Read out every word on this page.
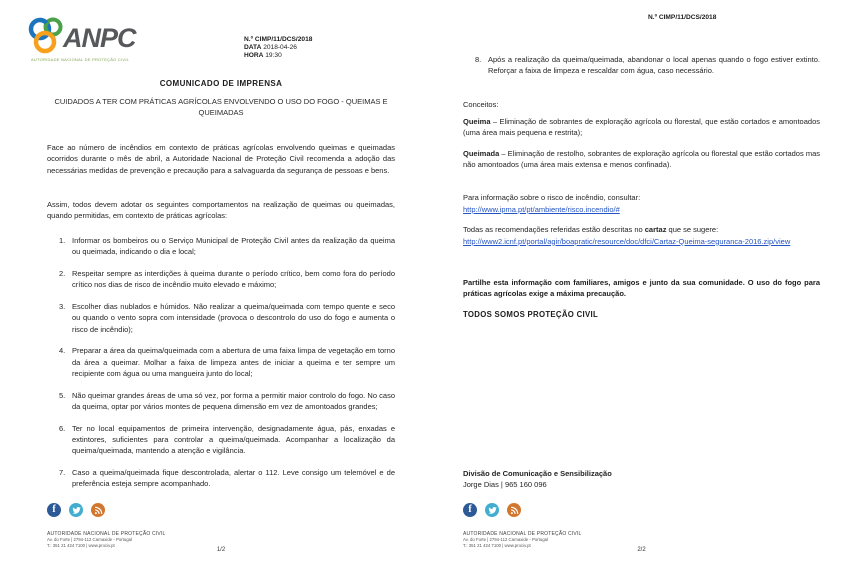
ANPC
AUTORIDADE NACIONAL DE PROTEÇÃO CIVIL
N.º CIMP/11/DCS/2018
DATA 2018-04-26
HORA 19:30
COMUNICADO DE IMPRENSA
CUIDADOS A TER COM PRÁTICAS AGRÍCOLAS ENVOLVENDO O USO DO FOGO - QUEIMAS E QUEIMADAS

Face ao número de incêndios em contexto de práticas agrícolas envolvendo queimas e queimadas ocorridos durante o mês de abril, a Autoridade Nacional de Proteção Civil recomenda a adoção das necessárias medidas de prevenção e precaução para a salvaguarda da segurança de pessoas e bens.

Assim, todos devem adotar os seguintes comportamentos na realização de queimas ou queimadas, quando permitidas, em contexto de práticas agrícolas:

1. Informar os bombeiros ou o Serviço Municipal de Proteção Civil antes da realização da queima ou queimada, indicando o dia e local;
2. Respeitar sempre as interdições à queima durante o período crítico, bem como fora do período crítico nos dias de risco de incêndio muito elevado e máximo;
3. Escolher dias nublados e húmidos. Não realizar a queima/queimada com tempo quente e seco ou quando o vento sopra com intensidade (provoca o descontrolo do uso do fogo e aumenta o risco de incêndio);
4. Preparar a área da queima/queimada com a abertura de uma faixa limpa de vegetação em torno da área a queimar. Molhar a faixa de limpeza antes de iniciar a queima e ter sempre um recipiente com água ou uma mangueira junto do local;
5. Não queimar grandes áreas de uma só vez, por forma a permitir maior controlo do fogo. No caso da queima, optar por vários montes de pequena dimensão em vez de amontoados grandes;
6. Ter no local equipamentos de primeira intervenção, designadamente água, pás, enxadas e extintores, suficientes para controlar a queima/queimada. Acompanhar a localização da queima/queimada, mantendo a atenção e vigilância.
7. Caso a queima/queimada fique descontrolada, alertar o 112. Leve consigo um telemóvel e de preferência esteja sempre acompanhado.
f
AUTORIDADE NACIONAL DE PROTEÇÃO CIVIL
Av. do Forte | 2794-112 Carnaxide - Portugal
T.: 351 21 424 7100 | www.prociv.pt
1/2
N.º CIMP/11/DCS/2018
8. Após a realização da queima/queimada, abandonar o local apenas quando o fogo estiver extinto. Reforçar a faixa de limpeza e rescaldar com água, caso necessário.
Conceitos:

Queima – Eliminação de sobrantes de exploração agrícola ou florestal, que estão cortados e amontoados (uma área mais pequena e restrita);

Queimada – Eliminação de restolho, sobrantes de exploração agrícola ou florestal que estão cortados mas não amontoados (uma área mais extensa e menos confinada).

Para informação sobre o risco de incêndio, consultar:
http://www.ipma.pt/pt/ambiente/risco.incendio/#
Todas as recomendações referidas estão descritas no cartaz que se sugere:
http://www2.icnf.pt/portal/agir/boapratic/resource/doc/dfci/Cartaz-Queima-seguranca-2016.zip/view

Partilhe esta informação com familiares, amigos e junto da sua comunidade. O uso do fogo para práticas agrícolas exige a máxima precaução.

TODOS SOMOS PROTEÇÃO CIVIL
Divisão de Comunicação e Sensibilização
Jorge Dias | 965 160 096
f
AUTORIDADE NACIONAL DE PROTEÇÃO CIVIL
Av. do Forte | 2794-112 Carnaxide - Portugal
T.: 351 21 424 7100 | www.prociv.pt
2/2
